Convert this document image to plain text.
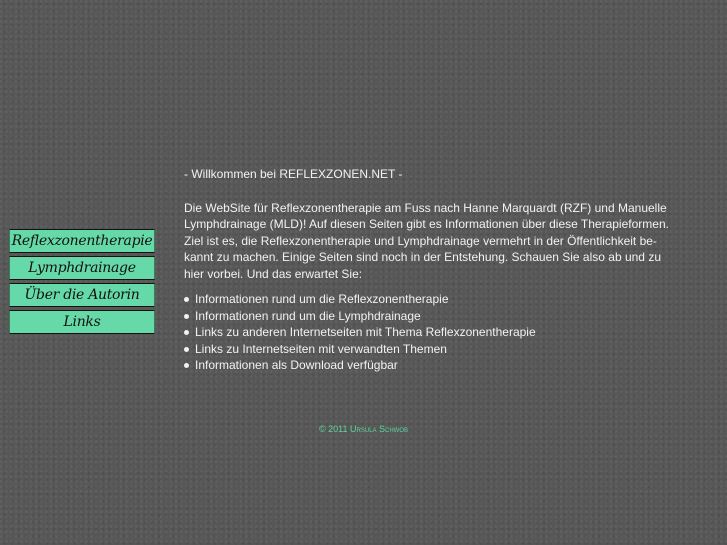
Reflexzonentherapie
Lymphdrainage
Über die Autorin
Links

- Willkommen bei REFLEXZONEN.NET -

Die WebSite für Reflexzonentherapie am Fuss nach Hanne Marquardt (RZF) und Manuelle
Lymphdrainage (MLD)! Auf diesen Seiten gibt es Informationen über diese Therapieformen.
Ziel ist es, die Reflexzonentherapie und Lymphdrainage vermehrt in der Öffentlichkeit be-
kannt zu machen. Einige Seiten sind noch in der Entstehung. Schauen Sie also ab und zu
hier vorbei. Und das erwartet Sie:

Informationen rund um die Reflexzonentherapie
Informationen rund um die Lymphdrainage
Links zu anderen Internetseiten mit Thema Reflexzonentherapie
Links zu Internetseiten mit verwandten Themen
Informationen als Download verfügbar
© 2011 Ursula Schwob
